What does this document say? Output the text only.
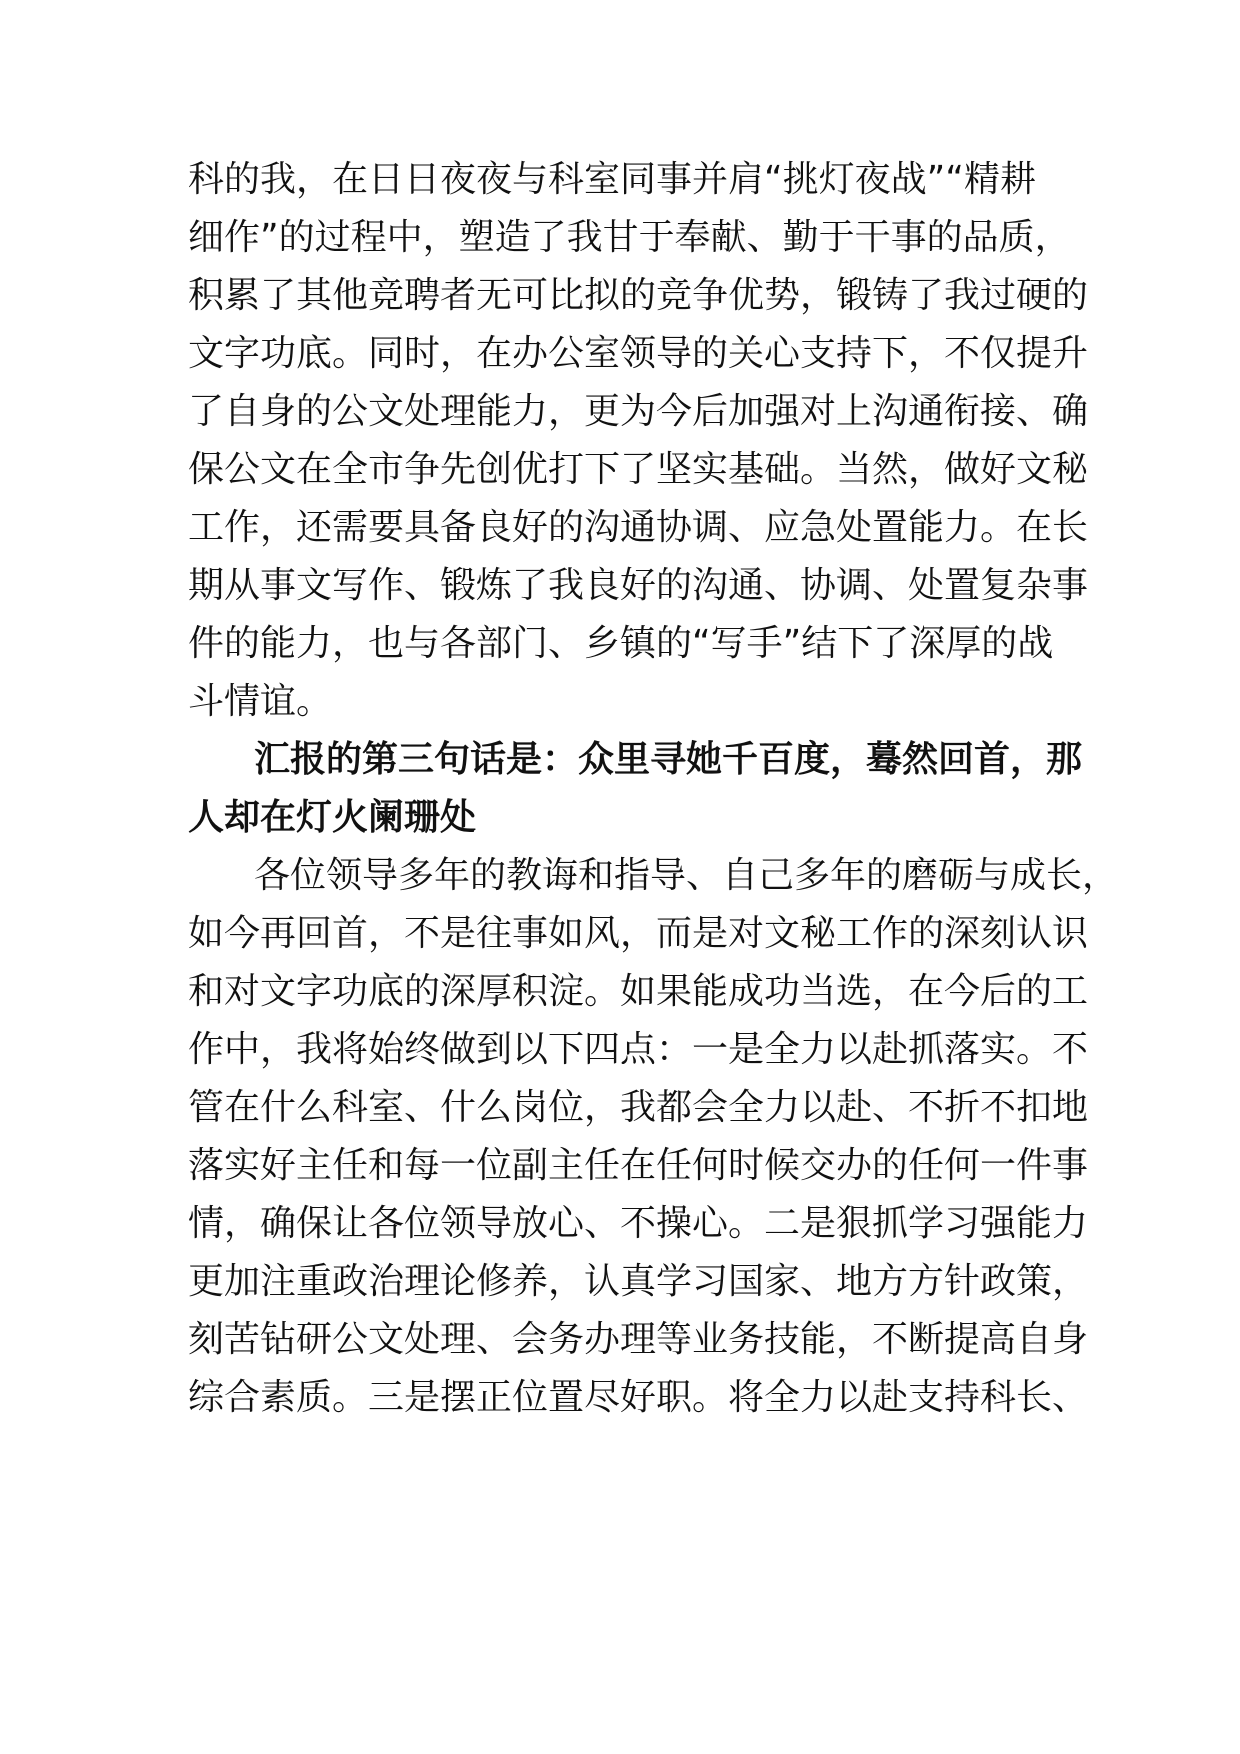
科的我，在日日夜夜与科室同事并肩“挑灯夜战”“精耕
细作”的过程中，塑造了我甘于奉献、勤于干事的品质，
积累了其他竞聘者无可比拟的竞争优势，锻铸了我过硬的
文字功底。同时，在办公室领导的关心支持下，不仅提升
了自身的公文处理能力，更为今后加强对上沟通衔接、确
保公文在全市争先创优打下了坚实基础。当然，做好文秘
工作，还需要具备良好的沟通协调、应急处置能力。在长
期从事文写作、锻炼了我良好的沟通、协调、处置复杂事
件的能力，也与各部门、乡镇的“写手”结下了深厚的战
斗情谊。
汇报的第三句话是：众里寻她千百度，蓦然回首，那
人却在灯火阑珊处
各位领导多年的教诲和指导、自己多年的磨砺与成长，
如今再回首，不是往事如风，而是对文秘工作的深刻认识
和对文字功底的深厚积淀。如果能成功当选，在今后的工
作中，我将始终做到以下四点：一是全力以赴抓落实。不
管在什么科室、什么岗位，我都会全力以赴、不折不扣地
落实好主任和每一位副主任在任何时候交办的任何一件事
情，确保让各位领导放心、不操心。二是狠抓学习强能力
更加注重政治理论修养，认真学习国家、地方方针政策，
刻苦钻研公文处理、会务办理等业务技能，不断提高自身
综合素质。三是摆正位置尽好职。将全力以赴支持科长、
